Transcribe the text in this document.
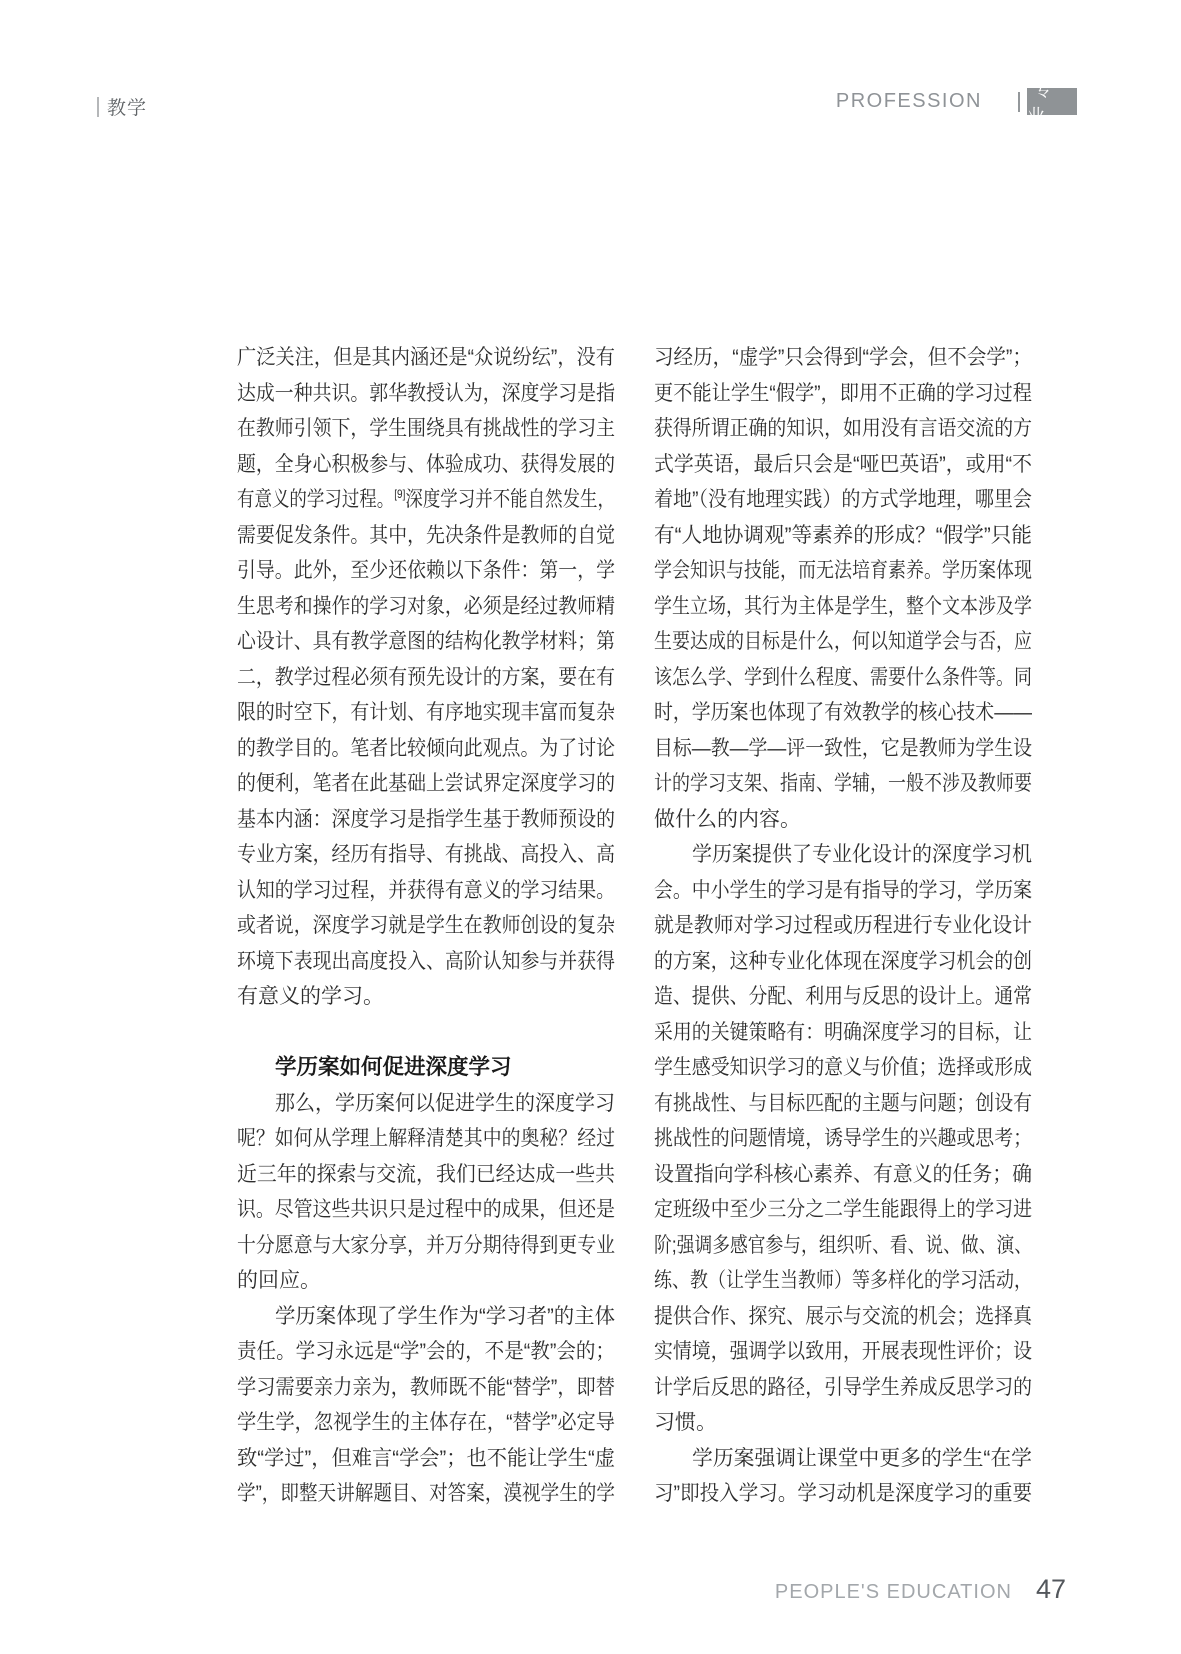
教学	PROFESSION
专业
广泛关注，但是其内涵还是“众说纷纭”，没有
达成一种共识。郭华教授认为，深度学习是指
在教师引领下，学生围绕具有挑战性的学习主
题，全身心积极参与、体验成功、获得发展的
有意义的学习过程。[9]深度学习并不能自然发生，
需要促发条件。其中，先决条件是教师的自觉
引导。此外，至少还依赖以下条件：第一，学
生思考和操作的学习对象，必须是经过教师精
心设计、具有教学意图的结构化教学材料；第
二，教学过程必须有预先设计的方案，要在有
限的时空下，有计划、有序地实现丰富而复杂
的教学目的。笔者比较倾向此观点。为了讨论
的便利，笔者在此基础上尝试界定深度学习的
基本内涵：深度学习是指学生基于教师预设的
专业方案，经历有指导、有挑战、高投入、高
认知的学习过程，并获得有意义的学习结果。
或者说，深度学习就是学生在教师创设的复杂
环境下表现出高度投入、高阶认知参与并获得
有意义的学习。
学历案如何促进深度学习
那么，学历案何以促进学生的深度学习
呢？如何从学理上解释清楚其中的奥秘？经过
近三年的探索与交流，我们已经达成一些共
识。尽管这些共识只是过程中的成果，但还是
十分愿意与大家分享，并万分期待得到更专业
的回应。
学历案体现了学生作为“学习者”的主体
责任。学习永远是“学”会的，不是“教”会的；
学习需要亲力亲为，教师既不能“替学”，即替
学生学，忽视学生的主体存在，“替学”必定导
致“学过”，但难言“学会”；也不能让学生“虚
学”，即整天讲解题目、对答案，漠视学生的学
习经历，“虚学”只会得到“学会，但不会学”；
更不能让学生“假学”，即用不正确的学习过程
获得所谓正确的知识，如用没有言语交流的方
式学英语，最后只会是“哑巴英语”，或用“不
着地”（没有地理实践）的方式学地理，哪里会
有“人地协调观”等素养的形成？“假学”只能
学会知识与技能，而无法培育素养。学历案体现
学生立场，其行为主体是学生，整个文本涉及学
生要达成的目标是什么，何以知道学会与否，应
该怎么学、学到什么程度、需要什么条件等。同
时，学历案也体现了有效教学的核心技术——
目标—教—学—评一致性，它是教师为学生设
计的学习支架、指南、学辅，一般不涉及教师要
做什么的内容。
学历案提供了专业化设计的深度学习机
会。中小学生的学习是有指导的学习，学历案
就是教师对学习过程或历程进行专业化设计
的方案，这种专业化体现在深度学习机会的创
造、提供、分配、利用与反思的设计上。通常
采用的关键策略有：明确深度学习的目标，让
学生感受知识学习的意义与价值；选择或形成
有挑战性、与目标匹配的主题与问题；创设有
挑战性的问题情境，诱导学生的兴趣或思考；
设置指向学科核心素养、有意义的任务；确
定班级中至少三分之二学生能跟得上的学习进
阶;强调多感官参与，组织听、看、说、做、演、
练、教（让学生当教师）等多样化的学习活动，
提供合作、探究、展示与交流的机会；选择真
实情境，强调学以致用，开展表现性评价；设
计学后反思的路径，引导学生养成反思学习的
习惯。
学历案强调让课堂中更多的学生“在学
习”即投入学习。学习动机是深度学习的重要
PEOPLE'S EDUCATION 47
